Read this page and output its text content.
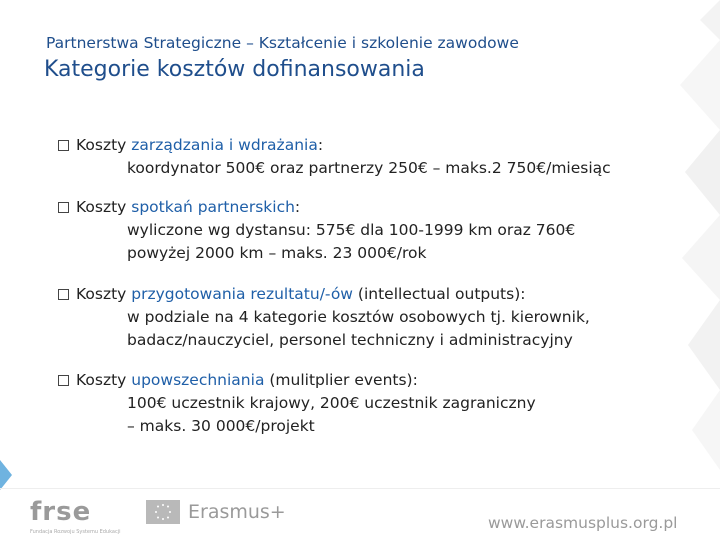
Partnerstwa Strategiczne – Kształcenie i szkolenie zawodowe
Kategorie kosztów dofinansowania
Koszty zarządzania i wdrażania:
koordynator 500€ oraz partnerzy 250€ – maks.2 750€/miesiąc
Koszty spotkań partnerskich:
wyliczone wg dystansu: 575€ dla 100-1999 km oraz 760€
powyżej 2000 km – maks. 23 000€/rok
Koszty przygotowania rezultatu/-ów (intellectual outputs):
w podziale na 4 kategorie kosztów osobowych tj. kierownik,
badacz/nauczyciel, personel techniczny i administracyjny
Koszty upowszechniania (mulitplier events):
100€ uczestnik krajowy, 200€ uczestnik zagraniczny
– maks. 30 000€/projekt
frse
Fundacja Rozwoju Systemu Edukacji
Erasmus+	www.erasmusplus.org.pl
